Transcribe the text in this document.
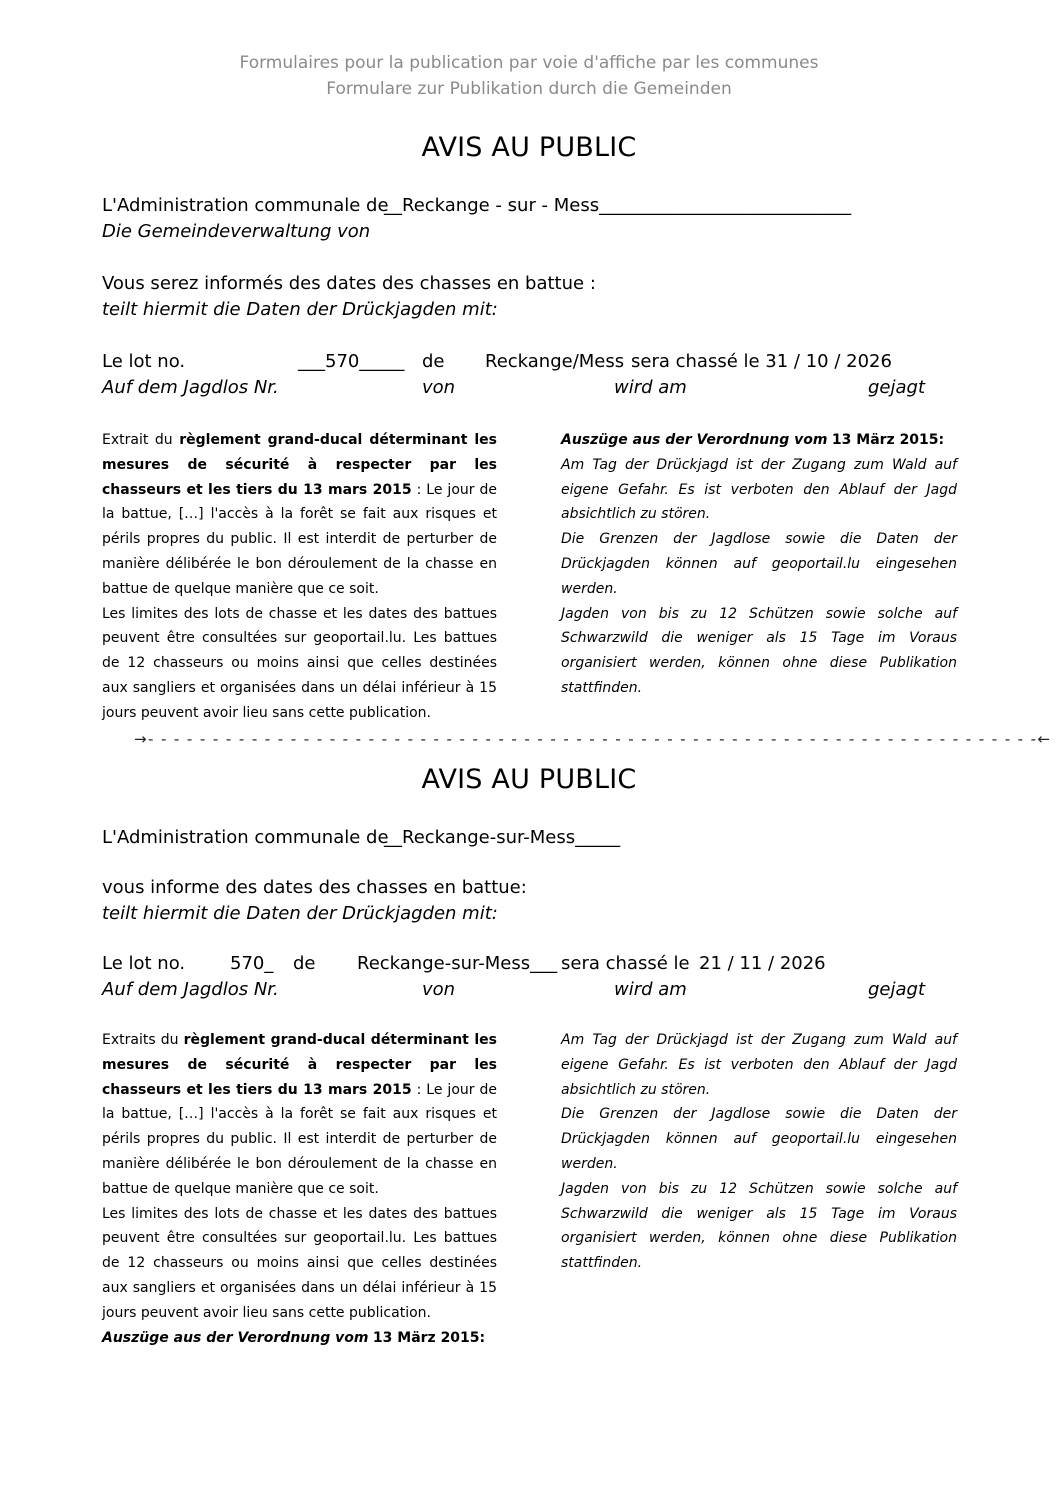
Formulaires pour la publication par voie d'affiche par les communes
Formulare zur Publikation durch die Gemeinden
AVIS AU PUBLIC
L'Administration communale de
__Reckange - sur - Mess____________________________
Die Gemeindeverwaltung von
Vous serez informés des dates des chasses en battue :
teilt hiermit die Daten der Drückjagden mit:
Le lot no.	___570_____ de Reckange/Mess sera chassé le 31 / 10 / 2026
Auf dem Jagdlos Nr.	von	wird am	gejagt

Extrait du règlement grand-ducal déterminant les mesures de sécurité à respecter par les chasseurs et les tiers du 13 mars 2015 : Le jour de la battue, […] l'accès à la forêt se fait aux risques et périls propres du public. Il est interdit de perturber de manière délibérée le bon déroulement de la chasse en battue de quelque manière que ce soit.

Les limites des lots de chasse et les dates des battues peuvent être consultées sur geoportail.lu. Les battues de 12 chasseurs ou moins ainsi que celles destinées aux sangliers et organisées dans un délai inférieur à 15 jours peuvent avoir lieu sans cette publication.

Auszüge aus der Verordnung vom 13 März 2015:

Am Tag der Drückjagd ist der Zugang zum Wald auf eigene Gefahr. Es ist verboten den Ablauf der Jagd absichtlich zu stören.

Die Grenzen der Jagdlose sowie die Daten der Drückjagden können auf geoportail.lu eingesehen werden.

Jagden von bis zu 12 Schützen sowie solche auf Schwarzwild die weniger als 15 Tage im Voraus organisiert werden, können ohne diese Publikation stattfinden.

→- - - - - - - - - - - - - - - - - - - - - - - - - - - - - - - - - - - - - - - - - - - - - - - - - - - - - - - - - - - - - - - - - - - - -←
AVIS AU PUBLIC
L'Administration communale de
__Reckange-sur-Mess_____
vous informe des dates des chasses en battue:
teilt hiermit die Daten der Drückjagden mit:
Le lot no. 570_ de Reckange-sur-Mess___ sera chassé le 21 / 11 / 2026
Auf dem Jagdlos Nr.	von	wird am	gejagt

Extraits du règlement grand-ducal déterminant les mesures de sécurité à respecter par les chasseurs et les tiers du 13 mars 2015 : Le jour de la battue, […] l'accès à la forêt se fait aux risques et périls propres du public. Il est interdit de perturber de manière délibérée le bon déroulement de la chasse en battue de quelque manière que ce soit.

Les limites des lots de chasse et les dates des battues peuvent être consultées sur geoportail.lu. Les battues de 12 chasseurs ou moins ainsi que celles destinées aux sangliers et organisées dans un délai inférieur à 15 jours peuvent avoir lieu sans cette publication.

Auszüge aus der Verordnung vom 13 März 2015:

Am Tag der Drückjagd ist der Zugang zum Wald auf eigene Gefahr. Es ist verboten den Ablauf der Jagd absichtlich zu stören.

Die Grenzen der Jagdlose sowie die Daten der Drückjagden können auf geoportail.lu eingesehen werden.

Jagden von bis zu 12 Schützen sowie solche auf Schwarzwild die weniger als 15 Tage im Voraus organisiert werden, können ohne diese Publikation stattfinden.
